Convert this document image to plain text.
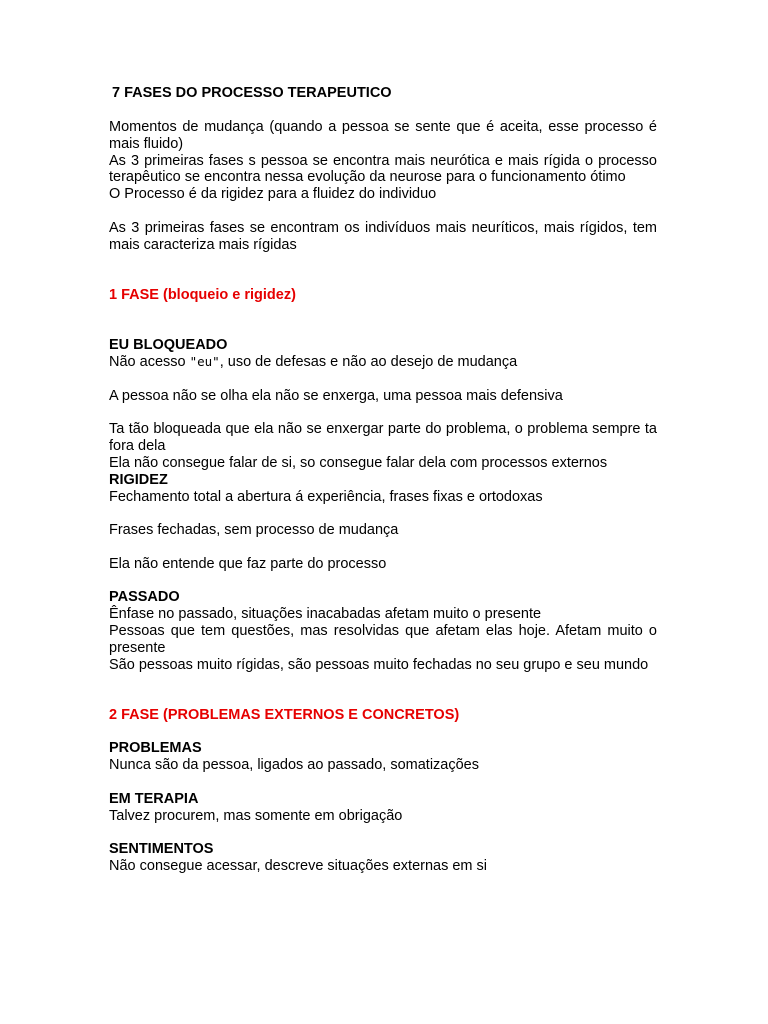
7 FASES DO PROCESSO TERAPEUTICO

Momentos de mudança (quando a pessoa se sente que é aceita, esse processo é mais fluido)

As 3 primeiras fases s pessoa se encontra mais neurótica e mais rígida o processo terapêutico se encontra nessa evolução da neurose para o funcionamento ótimo

O Processo é da rigidez para a fluidez do individuo

As 3 primeiras fases se encontram os indivíduos mais neuríticos, mais rígidos, tem mais caracteriza mais rígidas

1 FASE (bloqueio e rigidez)

EU BLOQUEADO

Não acesso "eu", uso de defesas e não ao desejo de mudança

A pessoa não se olha ela não se enxerga, uma pessoa mais defensiva

Ta tão bloqueada que ela não se enxergar parte do problema, o problema sempre ta fora dela

Ela não consegue falar de si, so consegue falar dela com processos externos

RIGIDEZ

Fechamento total a abertura á experiência, frases fixas e ortodoxas

Frases fechadas, sem processo de mudança

Ela não entende que faz parte do processo

PASSADO

Ênfase no passado, situações inacabadas afetam muito o presente

Pessoas que tem questões, mas resolvidas que afetam elas hoje. Afetam muito o presente

São pessoas muito rígidas, são pessoas muito fechadas no seu grupo e seu mundo

2 FASE (PROBLEMAS EXTERNOS E CONCRETOS)

PROBLEMAS

Nunca são da pessoa, ligados ao passado, somatizações

EM TERAPIA

Talvez procurem, mas somente em obrigação

SENTIMENTOS

Não consegue acessar, descreve situações externas em si
